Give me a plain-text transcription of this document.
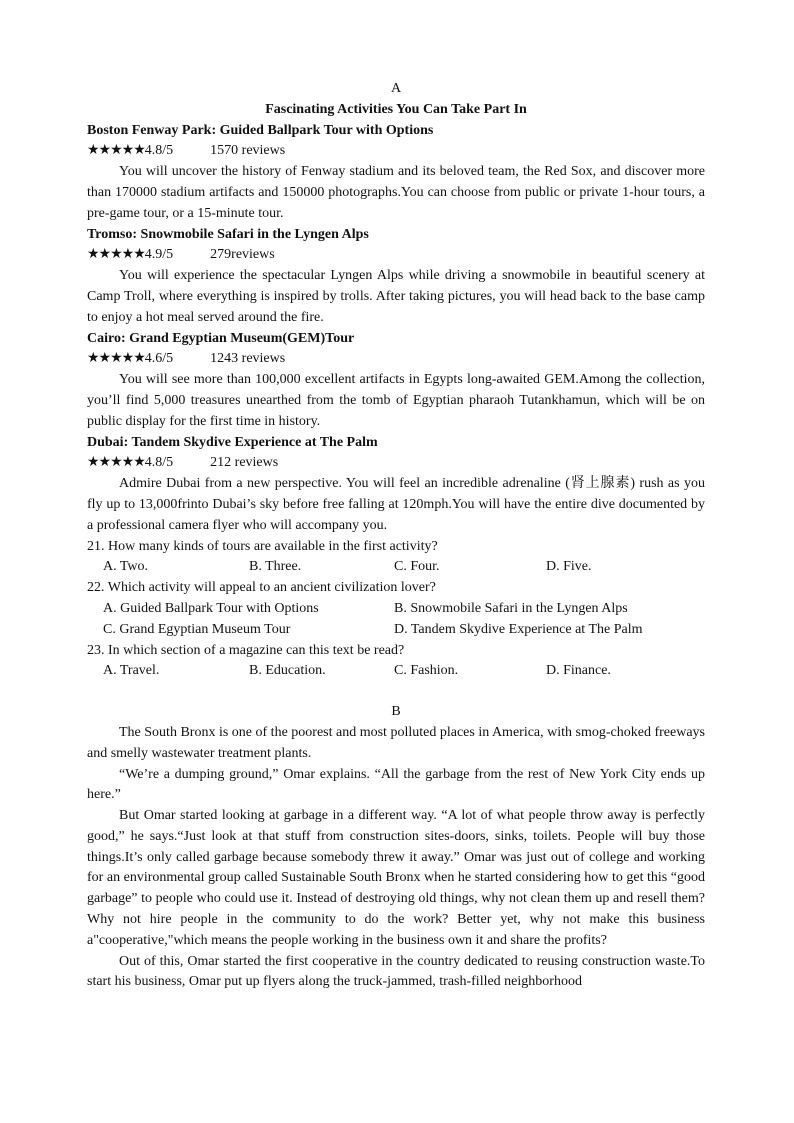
A
Fascinating Activities You Can Take Part In
Boston Fenway Park: Guided Ballpark Tour with Options
★★★★★4.8/5	1570 reviews
You will uncover the history of Fenway stadium and its beloved team, the Red Sox, and discover more than 170000 stadium artifacts and 150000 photographs.You can choose from public or private 1-hour tours, a pre-game tour, or a 15-minute tour.
Tromsο: Snowmobile Safari in the Lyngen Alps
★★★★★4.9/5	279reviews
You will experience the spectacular Lyngen Alps while driving a snowmobile in beautiful scenery at Camp Troll, where everything is inspired by trolls. After taking pictures, you will head back to the base camp to enjoy a hot meal served around the fire.
Cairo: Grand Egyptian Museum(GEM)Tour
★★★★★4.6/5	1243 reviews
You will see more than 100,000 excellent artifacts in Egypts long-awaited GEM.Among the collection, you’ll find 5,000 treasures unearthed from the tomb of Egyptian pharaoh Tutankhamun, which will be on public display for the first time in history.
Dubai: Tandem Skydive Experience at The Palm
★★★★★4.8/5	212 reviews
Admire Dubai from a new perspective. You will feel an incredible adrenaline (肾上腺素) rush as you fly up to 13,000frinto Dubai’s sky before free falling at 120mph.You will have the entire dive documented by a professional camera flyer who will accompany you.
21. How many kinds of tours are available in the first activity?
A. Two.	B. Three.	C. Four.	D. Five.
22. Which activity will appeal to an ancient civilization lover?
A. Guided Ballpark Tour with Options	B. Snowmobile Safari in the Lyngen Alps
C. Grand Egyptian Museum Tour	D. Tandem Skydive Experience at The Palm
23. In which section of a magazine can this text be read?
A. Travel.	B. Education.	C. Fashion.	D. Finance.
B
The South Bronx is one of the poorest and most polluted places in America, with smog-choked freeways and smelly wastewater treatment plants.
“We’re a dumping ground,” Omar explains. “All the garbage from the rest of New York City ends up here.”
But Omar started looking at garbage in a different way. “A lot of what people throw away is perfectly good,” he says.“Just look at that stuff from construction sites-doors, sinks, toilets. People will buy those things.It’s only called garbage because somebody threw it away.” Omar was just out of college and working for an environmental group called Sustainable South Bronx when he started considering how to get this “good garbage” to people who could use it. Instead of destroying old things, why not clean them up and resell them? Why not hire people in the community to do the work? Better yet, why not make this business a"cooperative,"which means the people working in the business own it and share the profits?
Out of this, Omar started the first cooperative in the country dedicated to reusing construction waste.To start his business, Omar put up flyers along the truck-jammed, trash-filled neighborhood
